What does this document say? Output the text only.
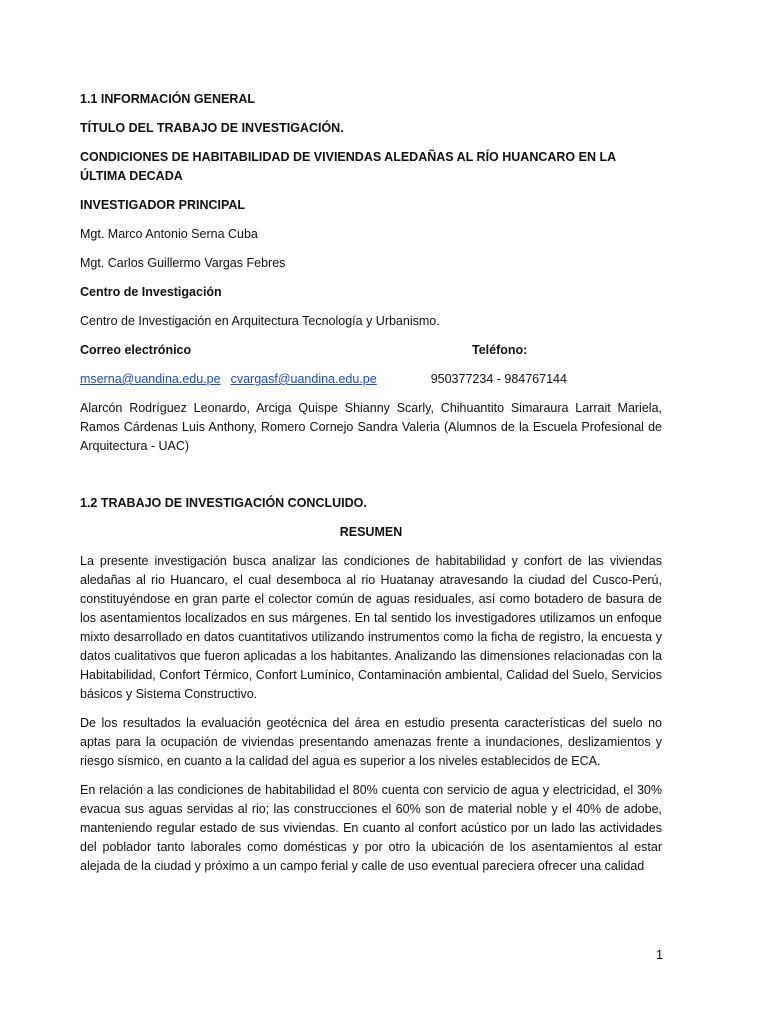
1.1 INFORMACIÓN GENERAL
TÍTULO DEL TRABAJO DE INVESTIGACIÓN.
CONDICIONES DE HABITABILIDAD DE VIVIENDAS ALEDAÑAS AL RÍO HUANCARO EN LA ÚLTIMA DECADA
INVESTIGADOR PRINCIPAL
Mgt. Marco Antonio Serna Cuba
Mgt. Carlos Guillermo Vargas Febres
Centro de Investigación
Centro de Investigación en Arquitectura Tecnología y Urbanismo.
Correo electrónico	Teléfono:
mserna@uandina.edu.pe cvargasf@uandina.edu.pe	950377234 - 984767144
Alarcón Rodríguez Leonardo, Arciga Quispe Shianny Scarly, Chihuantito Simaraura Larrait Mariela, Ramos Cárdenas Luis Anthony, Romero Cornejo Sandra Valeria (Alumnos de la Escuela Profesional de Arquitectura - UAC)
1.2 TRABAJO DE INVESTIGACIÓN CONCLUIDO.
RESUMEN

La presente investigación busca analizar las condiciones de habitabilidad y confort de las viviendas aledañas al rio Huancaro, el cual desemboca al rio Huatanay atravesando la ciudad del Cusco-Perú, constituyéndose en gran parte el colector común de aguas residuales, así como botadero de basura de los asentamientos localizados en sus márgenes. En tal sentido los investigadores utilizamos un enfoque mixto desarrollado en datos cuantitativos utilizando instrumentos como la ficha de registro, la encuesta y datos cualitativos que fueron aplicadas a los habitantes. Analizando las dimensiones relacionadas con la Habitabilidad, Confort Térmico, Confort Lumínico, Contaminación ambiental, Calidad del Suelo, Servicios básicos y Sistema Constructivo.

De los resultados la evaluación geotécnica del área en estudio presenta características del suelo no aptas para la ocupación de viviendas presentando amenazas frente a inundaciones, deslizamientos y riesgo sísmico, en cuanto a la calidad del agua es superior a los niveles establecidos de ECA.

En relación a las condiciones de habitabilidad el 80% cuenta con servicio de agua y electricidad, el 30% evacua sus aguas servidas al rio; las construcciones el 60% son de material noble y el 40% de adobe, manteniendo regular estado de sus viviendas. En cuanto al confort acústico por un lado las actividades del poblador tanto laborales como domésticas y por otro la ubicación de los asentamientos al estar alejada de la ciudad y próximo a un campo ferial y calle de uso eventual pareciera ofrecer una calidad

1
